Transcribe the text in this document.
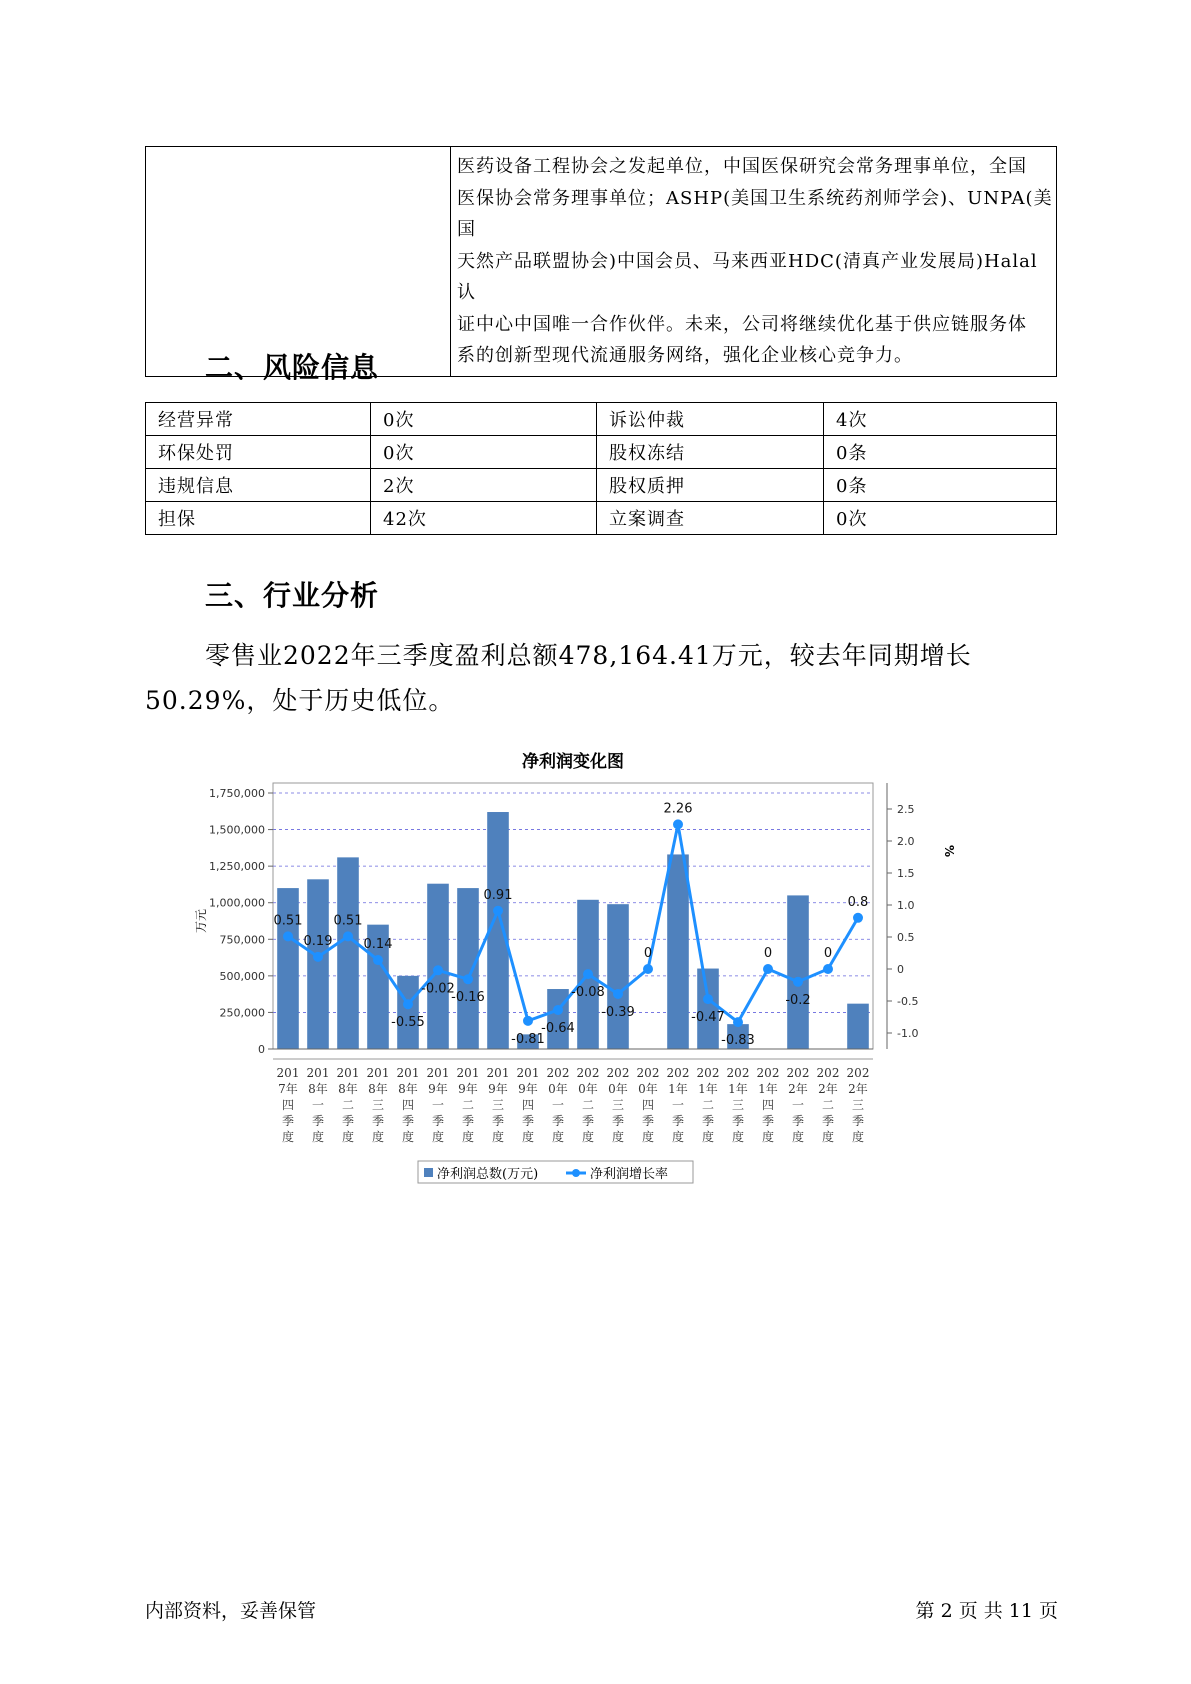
医药设备工程协会之发起单位，中国医保研究会常务理事单位，全国
医保协会常务理事单位；ASHP(美国卫生系统药剂师学会)、UNPA(美国
天然产品联盟协会)中国会员、马来西亚HDC(清真产业发展局)Halal认
证中心中国唯一合作伙伴。未来，公司将继续优化基于供应链服务体
系的创新型现代流通服务网络，强化企业核心竞争力。
二、风险信息
经营异常	0次	诉讼仲裁	4次
环保处罚	0次	股权冻结	0条
违规信息	2次	股权质押	0条
担保	42次	立案调查	0次
三、行业分析

零售业2022年三季度盈利总额478,164.41万元，较去年同期增长50.29%，处于历史低位。

净利润变化图
0
250,000
500,000
750,000
1,000,000
1,250,000
1,500,000
1,750,000
-1.0
-0.5
0
0.5
1.0
1.5
2.0
2.5
万元
%
0.51
0.19
0.51
0.14
-0.55
-0.02
-0.16
0.91
-0.81
-0.64
-0.08
-0.39
0
2.26
-0.47
-0.83
0
-0.2
0
0.8
201 7年四季度
201 8年一季度
201 8年二季度
201 8年三季度
201 8年四季度
201 9年一季度
201 9年二季度
201 9年三季度
201 9年四季度
202 0年一季度
202 0年二季度
202 0年三季度
202 0年四季度
202 1年一季度
202 1年二季度
202 1年三季度
202 1年四季度
202 2年一季度
202 2年二季度
202 2年三季度
净利润总数(万元)	净利润增长率
内部资料，妥善保管	第 2 页 共 11 页
